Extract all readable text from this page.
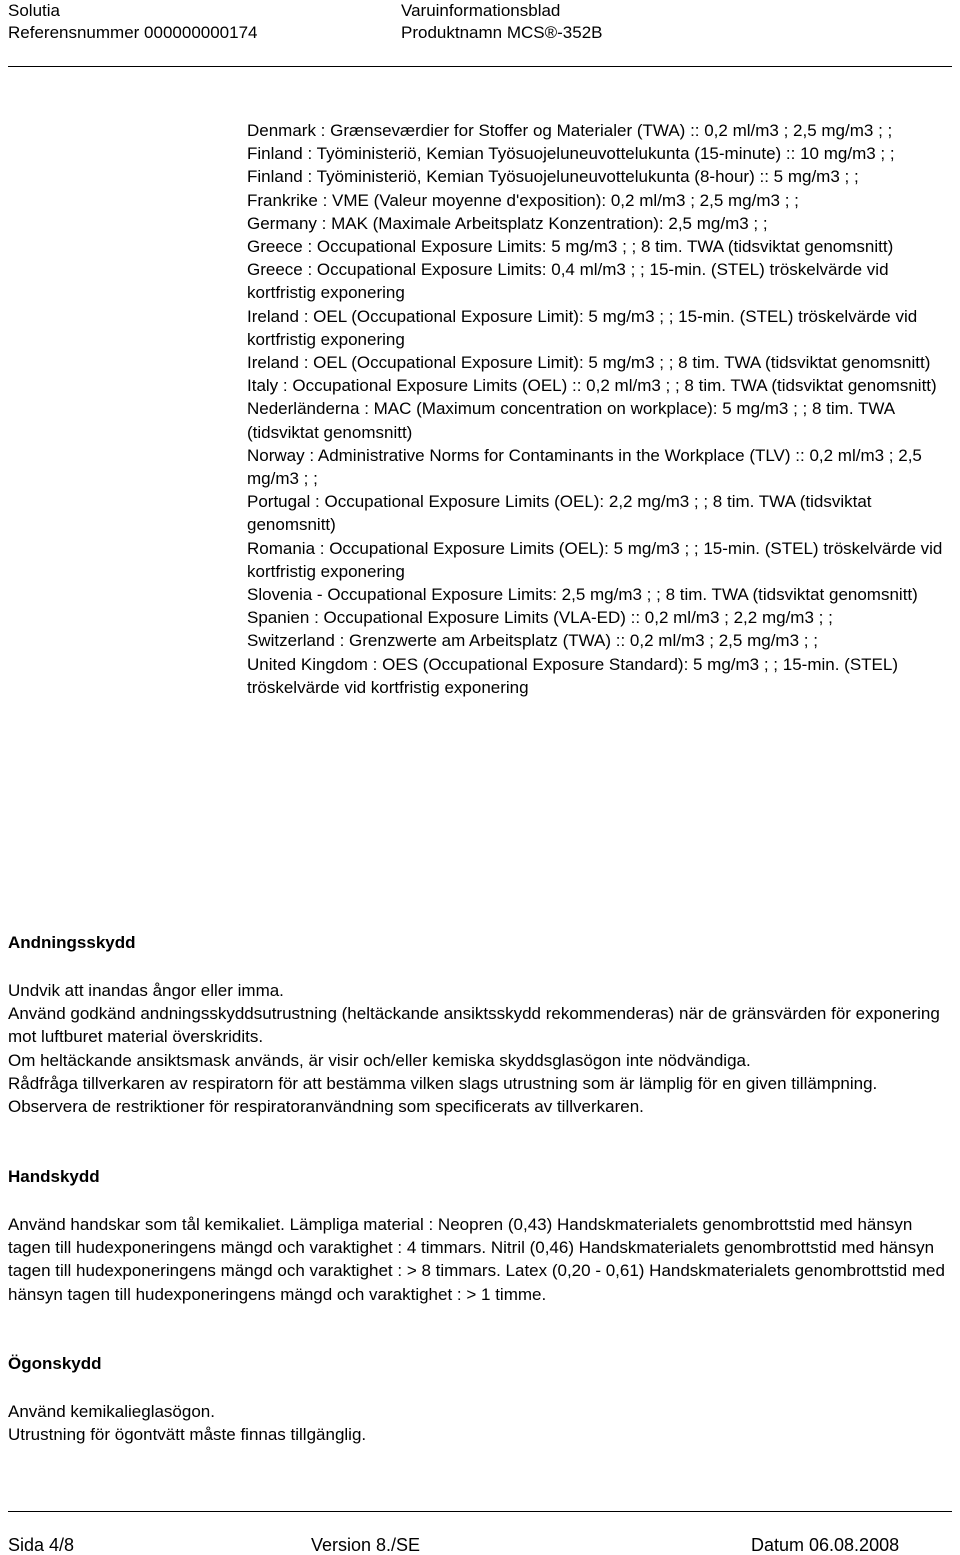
Solutia	Varuinformationsblad
Referensnummer 000000000174	Produktnamn MCS®-352B
Denmark : Grænseværdier for Stoffer og Materialer (TWA) :: 0,2 ml/m3 ; 2,5 mg/m3 ; ;
Finland : Työministeriö, Kemian Työsuojeluneuvottelukunta (15-minute) :: 10 mg/m3 ; ;
Finland : Työministeriö, Kemian Työsuojeluneuvottelukunta (8-hour) :: 5 mg/m3 ; ;
Frankrike : VME (Valeur moyenne d'exposition): 0,2 ml/m3 ; 2,5 mg/m3 ; ;
Germany : MAK (Maximale Arbeitsplatz Konzentration): 2,5 mg/m3 ; ;
Greece : Occupational Exposure Limits: 5 mg/m3 ; ; 8 tim. TWA (tidsviktat genomsnitt)
Greece : Occupational Exposure Limits: 0,4 ml/m3 ; ; 15-min. (STEL) tröskelvärde vid kortfristig exponering
Ireland : OEL (Occupational Exposure Limit): 5 mg/m3 ; ; 15-min. (STEL) tröskelvärde vid kortfristig exponering
Ireland : OEL (Occupational Exposure Limit): 5 mg/m3 ; ; 8 tim. TWA (tidsviktat genomsnitt)
Italy : Occupational Exposure Limits (OEL) :: 0,2 ml/m3 ; ; 8 tim. TWA (tidsviktat genomsnitt)
Nederländerna : MAC (Maximum concentration on workplace): 5 mg/m3 ; ; 8 tim. TWA (tidsviktat genomsnitt)
Norway : Administrative Norms for Contaminants in the Workplace (TLV) :: 0,2 ml/m3 ; 2,5 mg/m3 ; ;
Portugal : Occupational Exposure Limits (OEL): 2,2 mg/m3 ; ; 8 tim. TWA (tidsviktat genomsnitt)
Romania : Occupational Exposure Limits (OEL): 5 mg/m3 ; ; 15-min. (STEL) tröskelvärde vid kortfristig exponering
Slovenia - Occupational Exposure Limits: 2,5 mg/m3 ; ; 8 tim. TWA (tidsviktat genomsnitt)
Spanien : Occupational Exposure Limits (VLA-ED) :: 0,2 ml/m3 ; 2,2 mg/m3 ; ;
Switzerland : Grenzwerte am Arbeitsplatz (TWA) :: 0,2 ml/m3 ; 2,5 mg/m3 ; ;
United Kingdom : OES (Occupational Exposure Standard): 5 mg/m3 ; ; 15-min. (STEL) tröskelvärde vid kortfristig exponering
Andningsskydd

Undvik att inandas ångor eller imma.

Använd godkänd andningsskyddsutrustning (heltäckande ansiktsskydd rekommenderas) när de gränsvärden för exponering mot luftburet material överskridits.

Om heltäckande ansiktsmask används, är visir och/eller kemiska skyddsglasögon inte nödvändiga.

Rådfråga tillverkaren av respiratorn för att bestämma vilken slags utrustning som är lämplig för en given tillämpning.

Observera de restriktioner för respiratoranvändning som specificerats av tillverkaren.

Handskydd

Använd handskar som tål kemikaliet. Lämpliga material : Neopren (0,43) Handskmaterialets genombrottstid med hänsyn tagen till hudexponeringens mängd och varaktighet : 4 timmars. Nitril (0,46) Handskmaterialets genombrottstid med hänsyn tagen till hudexponeringens mängd och varaktighet : > 8 timmars. Latex (0,20 - 0,61) Handskmaterialets genombrottstid med hänsyn tagen till hudexponeringens mängd och varaktighet : > 1 timme.

Ögonskydd

Använd kemikalieglasögon.

Utrustning för ögontvätt måste finnas tillgänglig.

Sida 4/8	Version 8./SE	Datum 06.08.2008
